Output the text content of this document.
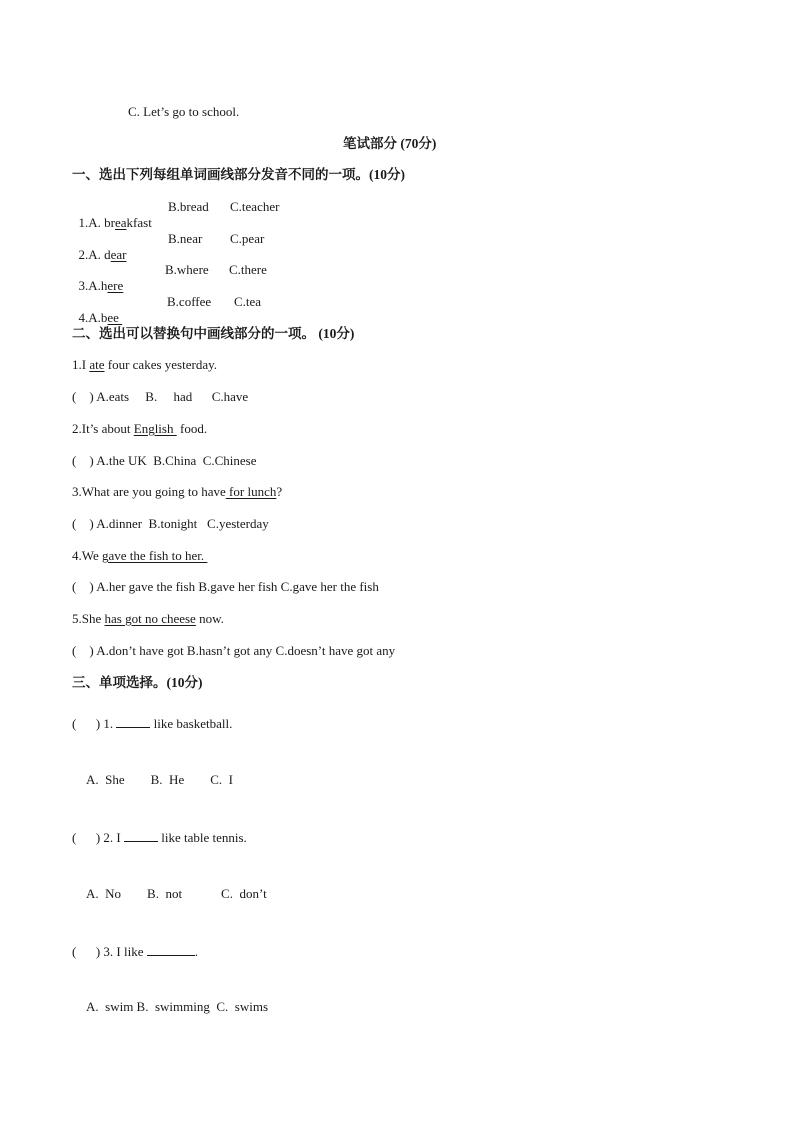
C. Let’s go to school.
笔试部分 (70分)
一、选出下列每组单词画线部分发音不同的一项。(10分)

1.A. breakfast

B.bread C.teacher

2.A. dear

B.near C.pear

3.A.here

B.where C.there

4.A.bee

B.coffee C.tea
二、选出可以替换句中画线部分的一项。 (10分)
1.I ate four cakes yesterday.
(    ) A.eats     B.     had      C.have
2.It’s about English  food.
(    ) A.the UK  B.China  C.Chinese
3.What are you going to have for lunch?
(    ) A.dinner  B.tonight   C.yesterday
4.We gave the fish to her.
(    ) A.her gave the fish B.gave her fish C.gave her the fish
5.She has got no cheese now.
(    ) A.don’t have got B.hasn’t got any C.doesn’t have got any
三、单项选择。(10分)
(      ) 1.	like basketball.
A.  She        B.  He        C.  I
(      ) 2. I	like table tennis.
A.  No        B.  not            C.  don’t
(      ) 3. I like	.
A.  swim B.  swimming  C.  swims
